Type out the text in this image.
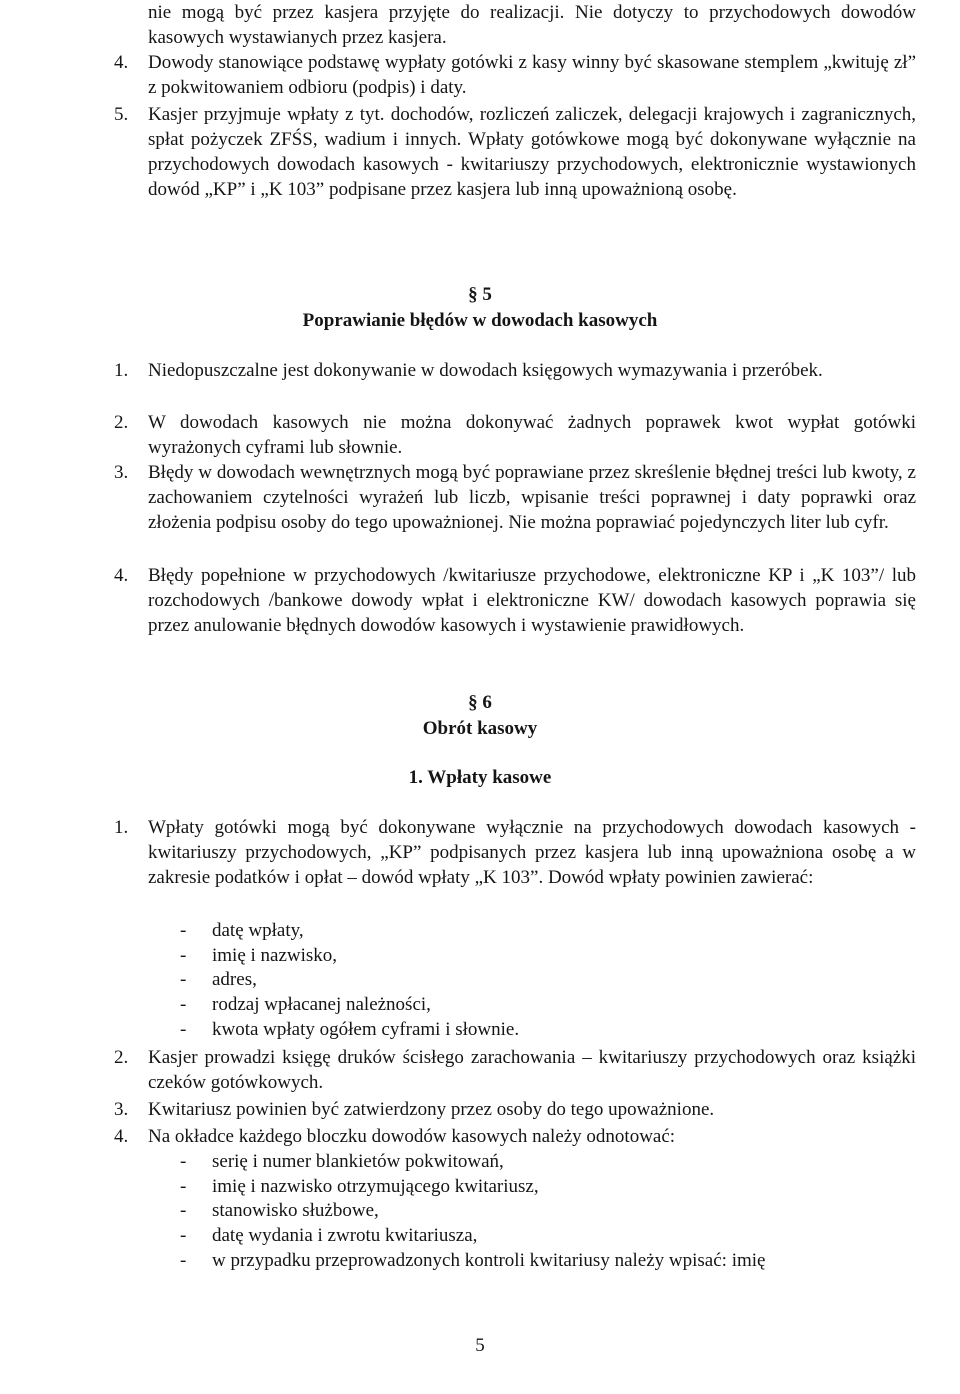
nie mogą być przez kasjera przyjęte do realizacji. Nie dotyczy to przychodowych dowodów kasowych wystawianych przez kasjera.
4. Dowody stanowiące podstawę wypłaty gotówki z kasy winny być skasowane stemplem „kwituję zł” z pokwitowaniem odbioru (podpis) i daty.
5. Kasjer przyjmuje wpłaty z tyt. dochodów, rozliczeń zaliczek, delegacji krajowych i zagranicznych, spłat pożyczek ZFŚS, wadium i innych. Wpłaty gotówkowe mogą być dokonywane wyłącznie na przychodowych dowodach kasowych - kwitariuszy przychodowych, elektronicznie wystawionych dowód „KP” i „K 103” podpisane przez kasjera lub inną upoważnioną osobę.
§ 5
Poprawianie błędów w dowodach kasowych
1. Niedopuszczalne jest dokonywanie w dowodach księgowych wymazywania i przeróbek.
2. W dowodach kasowych nie można dokonywać żadnych poprawek kwot wypłat gotówki wyrażonych cyframi lub słownie.
3. Błędy w dowodach wewnętrznych mogą być poprawiane przez skreślenie błędnej treści lub kwoty, z zachowaniem czytelności wyrażeń lub liczb, wpisanie treści poprawnej i daty poprawki oraz złożenia podpisu osoby do tego upoważnionej. Nie można poprawiać pojedynczych liter lub cyfr.
4. Błędy popełnione w przychodowych /kwitariusze przychodowe, elektroniczne KP i „K 103”/ lub rozchodowych /bankowe dowody wpłat i elektroniczne KW/ dowodach kasowych poprawia się przez anulowanie błędnych dowodów kasowych i wystawienie prawidłowych.
§ 6
Obrót kasowy
1. Wpłaty kasowe
1. Wpłaty gotówki mogą być dokonywane wyłącznie na przychodowych dowodach kasowych - kwitariuszy przychodowych, „KP” podpisanych przez kasjera lub inną upoważniona osobę a w zakresie podatków i opłat – dowód wpłaty „K 103”. Dowód wpłaty powinien zawierać:
- datę wpłaty,
- imię i nazwisko,
- adres,
- rodzaj wpłacanej należności,
- kwota wpłaty ogółem cyframi i słownie.
2. Kasjer prowadzi księgę druków ścisłego zarachowania – kwitariuszy przychodowych oraz książki czeków gotówkowych.
3. Kwitariusz powinien być zatwierdzony przez osoby do tego upoważnione.
4. Na okładce każdego bloczku dowodów kasowych należy odnotować:
- serię i numer blankietów pokwitowań,
- imię i nazwisko otrzymującego kwitariusz,
- stanowisko służbowe,
- datę wydania i zwrotu kwitariusza,
- w przypadku przeprowadzonych kontroli kwitariusy należy wpisać: imię
5
